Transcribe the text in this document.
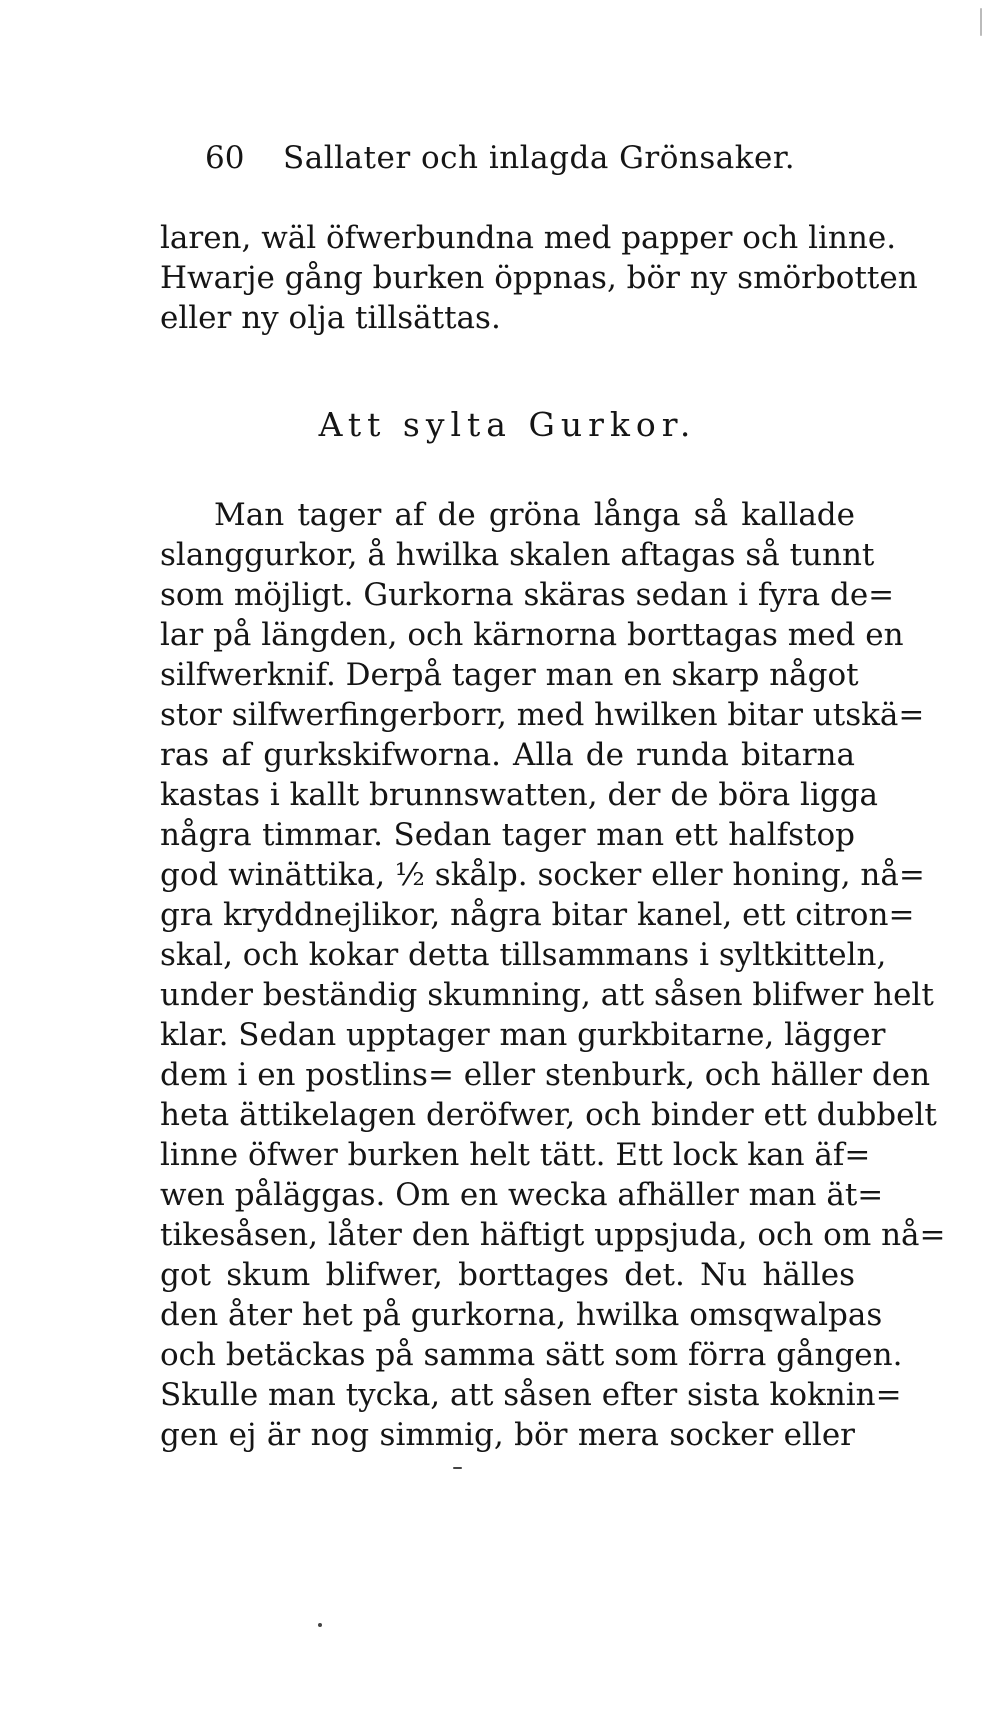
60 Sallater och inlagda Grönsaker.
laren, wäl öfwerbundna med papper och linne.
Hwarje gång burken öppnas, bör ny smörbotten
eller ny olja tillsättas.
Att sylta Gurkor.
Man tager af de gröna långa så kallade
slanggurkor, å hwilka skalen aftagas så tunnt
som möjligt. Gurkorna skäras sedan i fyra de=
lar på längden, och kärnorna borttagas med en
silfwerknif. Derpå tager man en skarp något
stor silfwerfingerborr, med hwilken bitar utskä=
ras af gurkskifworna. Alla de runda bitarna
kastas i kallt brunnswatten, der de böra ligga
några timmar. Sedan tager man ett halfstop
god winättika, ½ skålp. socker eller honing, nå=
gra kryddnejlikor, några bitar kanel, ett citron=
skal, och kokar detta tillsammans i syltkitteln,
under beständig skumning, att såsen blifwer helt
klar. Sedan upptager man gurkbitarne, lägger
dem i en postlins= eller stenburk, och häller den
heta ättikelagen deröfwer, och binder ett dubbelt
linne öfwer burken helt tätt. Ett lock kan äf=
wen påläggas. Om en wecka afhäller man ät=
tikesåsen, låter den häftigt uppsjuda, och om nå=
got skum blifwer, borttages det. Nu hälles
den åter het på gurkorna, hwilka omsqwalpas
och betäckas på samma sätt som förra gången.
Skulle man tycka, att såsen efter sista koknin=
gen ej är nog simmig, bör mera socker eller
